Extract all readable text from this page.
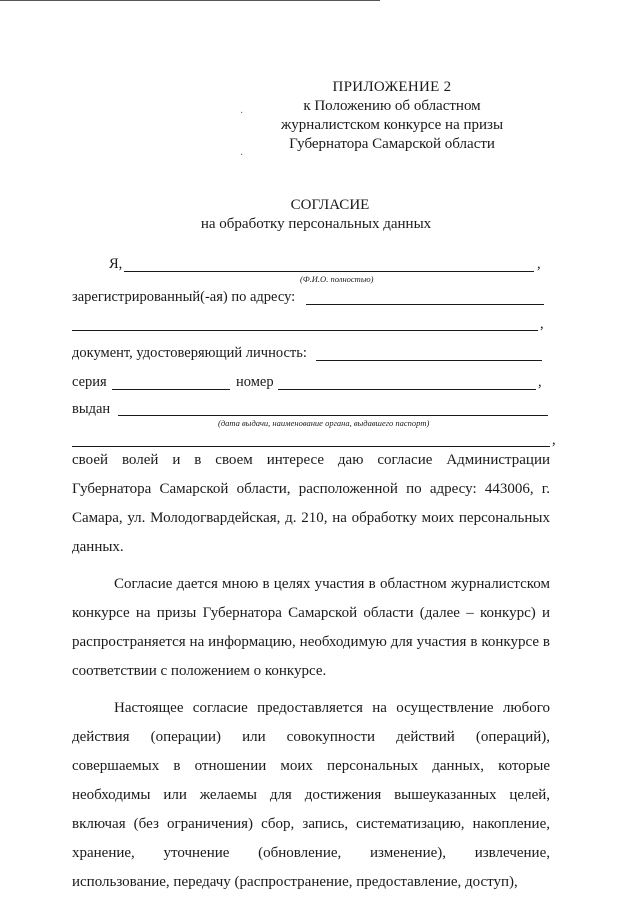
ПРИЛОЖЕНИЕ 2
к Положению об областном
журналистском конкурсе на призы
Губернатора Самарской области
·
·
СОГЛАСИЕ
на обработку персональных данных
Я,	,
(Ф.И.О. полностью)
зарегистрированный(-ая) по адресу:
,
документ, удостоверяющий личность:
серия	номер	,
выдан
(дата выдачи, наименование органа, выдавшего паспорт)
,

своей волей и в своем интересе даю согласие Администрации Губернатора Самарской области, расположенной по адресу: 443006, г. Самара, ул. Молодогвардейская, д. 210, на обработку моих персональных данных.

Согласие дается мною в целях участия в областном журналистском конкурсе на призы Губернатора Самарской области (далее – конкурс) и распространяется на информацию, необходимую для участия в конкурсе в соответствии с положением о конкурсе.

Настоящее согласие предоставляется на осуществление любого действия (операции) или совокупности действий (операций), совершаемых в отношении моих персональных данных, которые необходимы или желаемы для достижения вышеуказанных целей, включая (без ограничения) сбор, запись, систематизацию, накопление, хранение, уточнение (обновление, изменение), извлечение, использование, передачу (распространение, предоставление, доступ),
